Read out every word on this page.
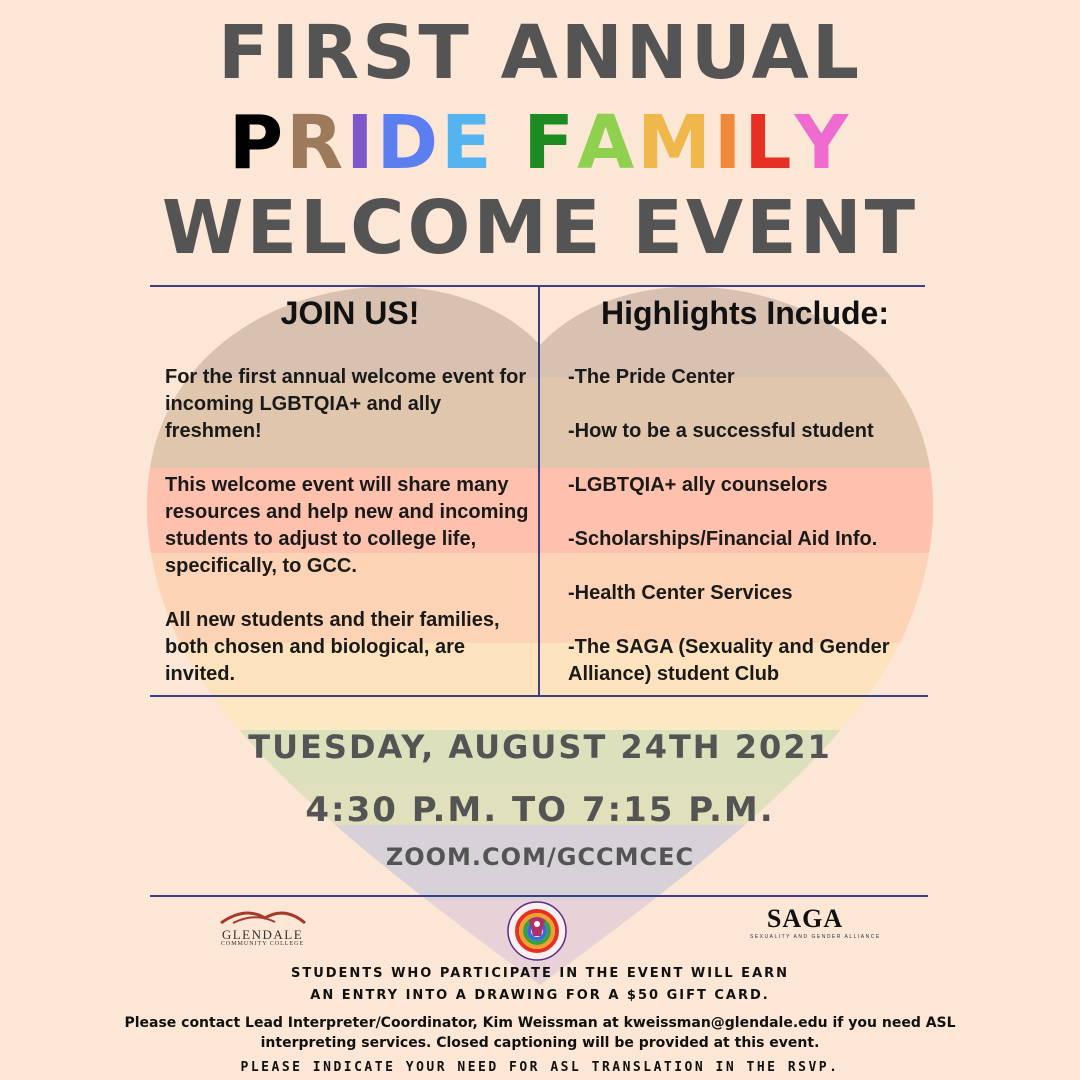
FIRST ANNUAL
PRIDE FAMILY
WELCOME EVENT
JOIN US!
For the first annual welcome event for incoming LGBTQIA+ and ally freshmen!
This welcome event will share many resources and help new and incoming students to adjust to college life, specifically, to GCC.
All new students and their families, both chosen and biological, are invited.
Highlights Include:
-The Pride Center
-How to be a successful student
-LGBTQIA+ ally counselors
-Scholarships/Financial Aid Info.
-Health Center Services
-The SAGA (Sexuality and Gender Alliance) student Club
TUESDAY, AUGUST 24TH 2021
4:30 P.M. TO 7:15 P.M.
ZOOM.COM/GCCMCEC
GLENDALE
COMMUNITY COLLEGE
SAGA
SEXUALITY AND GENDER ALLIANCE
STUDENTS WHO PARTICIPATE IN THE EVENT WILL EARN
AN ENTRY INTO A DRAWING FOR A $50 GIFT CARD.
Please contact Lead Interpreter/Coordinator, Kim Weissman at kweissman@glendale.edu if you need ASL
interpreting services. Closed captioning will be provided at this event.
PLEASE INDICATE YOUR NEED FOR ASL TRANSLATION IN THE RSVP.
